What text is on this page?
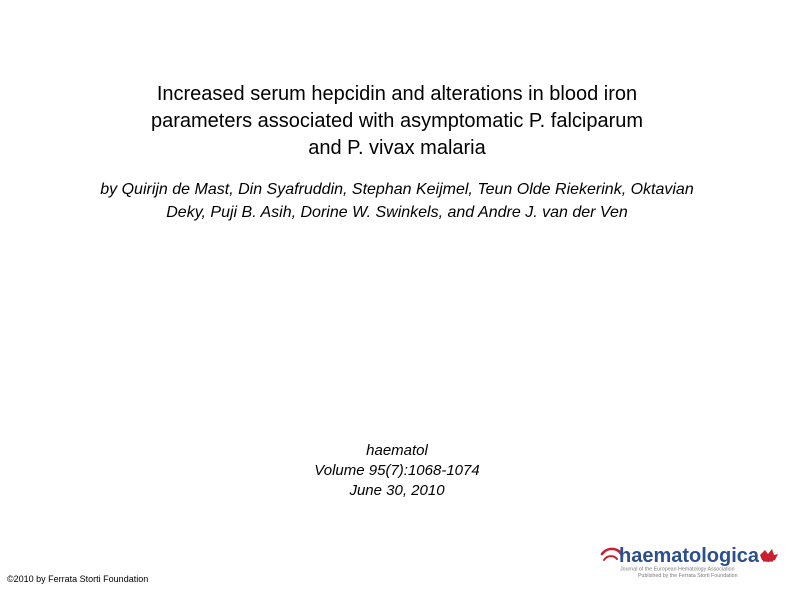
Increased serum hepcidin and alterations in blood iron
parameters associated with asymptomatic P. falciparum
and P. vivax malaria
by Quirijn de Mast, Din Syafruddin, Stephan Keijmel, Teun Olde Riekerink, Oktavian
Deky, Puji B. Asih, Dorine W. Swinkels, and Andre J. van der Ven
haematol
Volume 95(7):1068-1074
June 30, 2010
©2010 by Ferrata Storti Foundation
haematologica
Journal of the European Hematology Association
Published by the Ferrata Storti Foundation
